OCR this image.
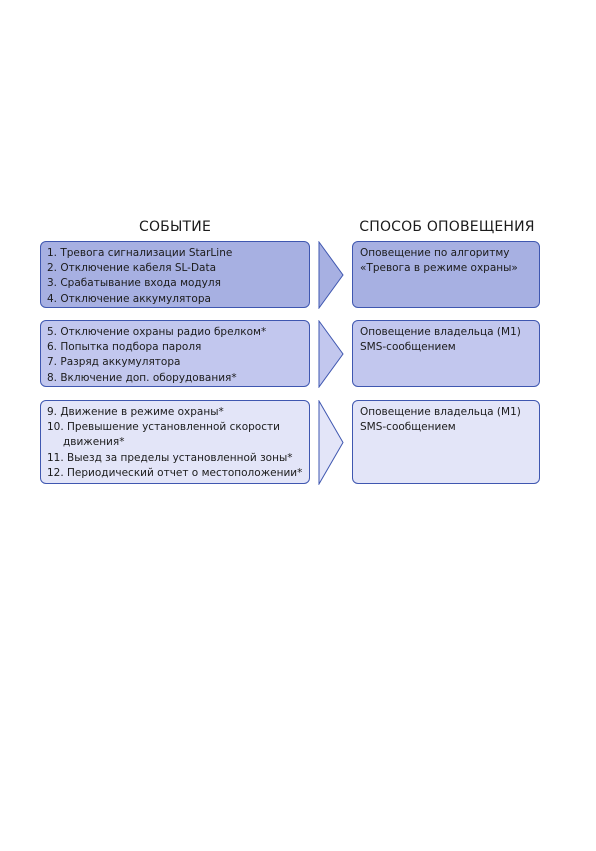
СОБЫТИЕ	СПОСОБ ОПОВЕЩЕНИЯ
1. Тревога сигнализации StarLine
2. Отключение кабеля SL-Data
3. Срабатывание входа модуля
4. Отключение аккумулятора
Оповещение по алгоритму
«Тревога в режиме охраны»
5. Отключение охраны радио брелком*
6. Попытка подбора пароля
7. Разряд аккумулятора
8. Включение доп. оборудования*
Оповещение владельца (M1)
SMS-сообщением
9. Движение в режиме охраны*
10. Превышение установленной скорости
движения*
11. Выезд за пределы установленной зоны*
12. Периодический отчет о местоположении*
Оповещение владельца (M1)
SMS-сообщением
